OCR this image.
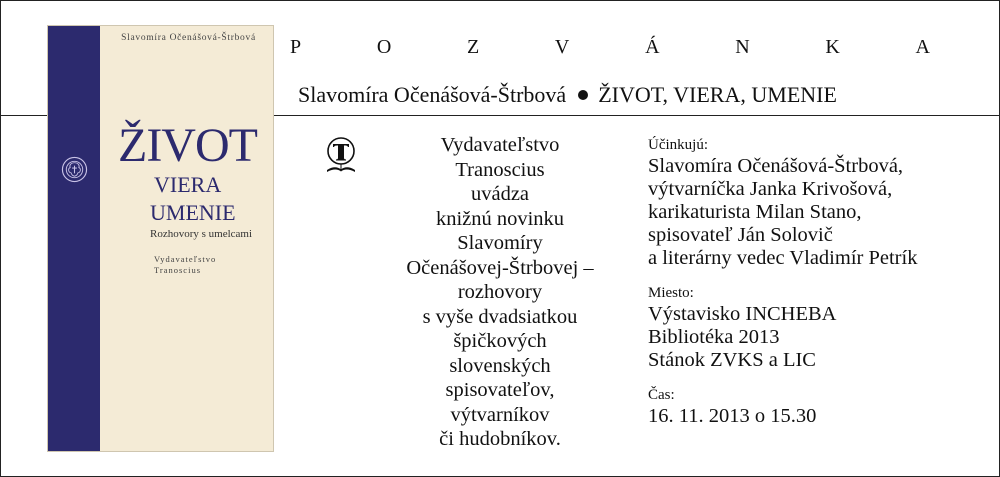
Slavomíra Očenášová-Štrbová
ŽIVOT
VIERA
UMENIE
Rozhovory s umelcami
Vydavateľstvo
Tranoscius
P	O	Z	V	Á	N	K	A
Slavomíra Očenášová-Štrbová ŽIVOT, VIERA, UMENIE
Vydavateľstvo
Tranoscius
uvádza
knižnú novinku
Slavomíry
Očenášovej-Štrbovej –
rozhovory
s vyše dvadsiatkou
špičkových
slovenských
spisovateľov,
výtvarníkov
či hudobníkov.
Účinkujú:
Slavomíra Očenášová-Štrbová,
výtvarníčka Janka Krivošová,
karikaturista Milan Stano,
spisovateľ Ján Solovič
a literárny vedec Vladimír Petrík
Miesto:
Výstavisko INCHEBA
Bibliotéka 2013
Stánok ZVKS a LIC
Čas:
16. 11. 2013 o 15.30
